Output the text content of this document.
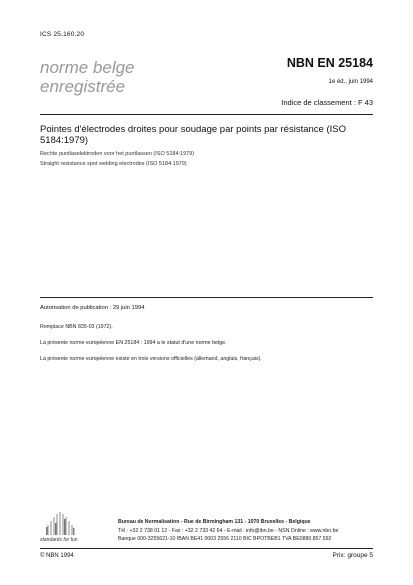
ICS 25.160.20
norme belge
enregistrée
NBN EN 25184
1e éd., juin 1994
Indice de classement : F 43
Pointes d'électrodes droites pour soudage par points par résistance (ISO 5184:1979)
Rechte puntlaselektroden voor het puntlassen (ISO 5184:1979)
Straight resistance spot welding electrodes (ISO 5184:1979)
Autorisation de publication : 29 juin 1994
Remplace NBN 835-03 (1972).
La présente norme européenne EN 25184 : 1994 a le statut d'une norme belge.
La présente norme européenne existe en trois versions officielles (allemand, anglais, français).
standards for fun
Bureau de Normalisation - Rue de Birmingham 131 - 1070 Bruxelles - Belgique
Tél : +32 2 738 01 12 - Fax : +32 2 733 42 64 - E-mail : info@ibn.be - NSN Online : www.nbn.be
Banque 000-3255621-10 IBAN BE41 0003 2556 2110 BIC BPOTBEB1 TVA BE0880.857.592
© NBN 1994	Prix: groupe 5
